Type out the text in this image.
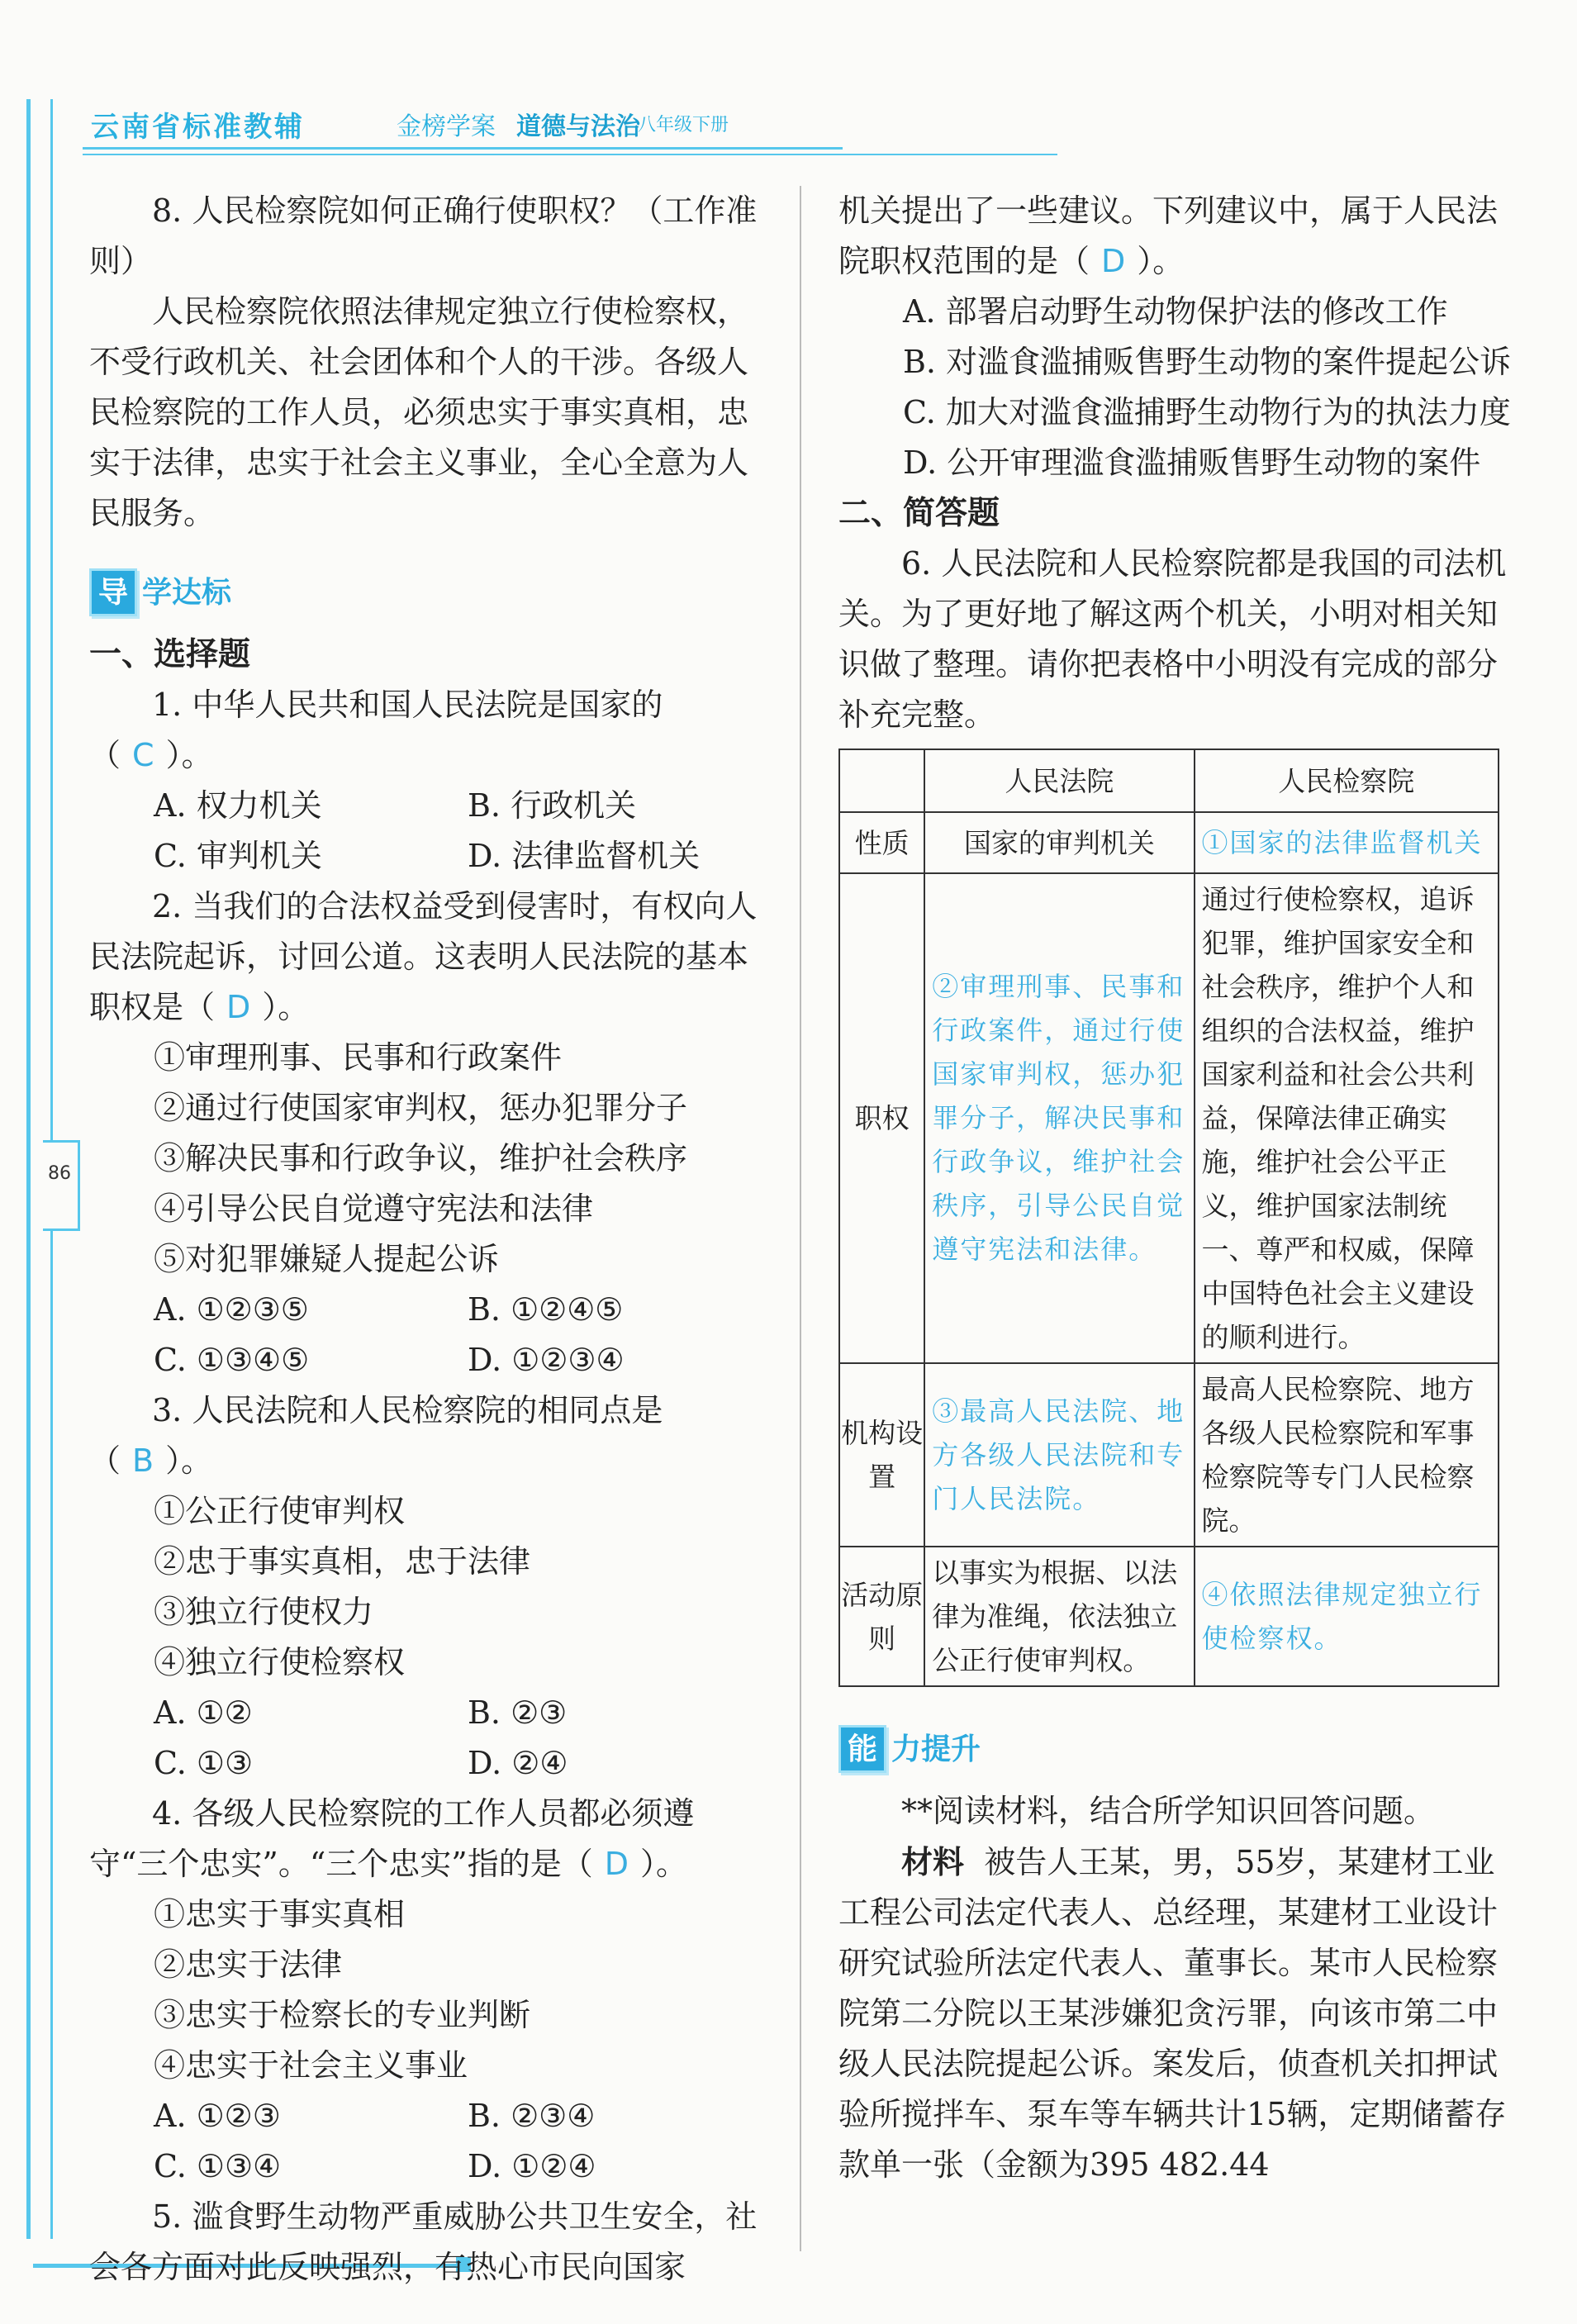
86
云南省标准教辅	金榜学案 道德与法治
八年级下册

8. 人民检察院如何正确行使职权？（工作准则）

人民检察院依照法律规定独立行使检察权，不受行政机关、社会团体和个人的干涉。各级人民检察院的工作人员，必须忠实于事实真相，忠实于法律，忠实于社会主义事业，全心全意为人民服务。

导 学达标

一、选择题

1. 中华人民共和国人民法院是国家的（ C ）。

A. 权力机关	B. 行政机关
C. 审判机关	D. 法律监督机关

2. 当我们的合法权益受到侵害时，有权向人民法院起诉，讨回公道。这表明人民法院的基本职权是（ D ）。

①审理刑事、民事和行政案件

②通过行使国家审判权，惩办犯罪分子

③解决民事和行政争议，维护社会秩序

④引导公民自觉遵守宪法和法律

⑤对犯罪嫌疑人提起公诉

A. ①②③⑤	B. ①②④⑤
C. ①③④⑤	D. ①②③④

3. 人民法院和人民检察院的相同点是（ B ）。

①公正行使审判权

②忠于事实真相，忠于法律

③独立行使权力

④独立行使检察权

A. ①②	B. ②③
C. ①③	D. ②④

4. 各级人民检察院的工作人员都必须遵守“三个忠实”。“三个忠实”指的是（ D ）。

①忠实于事实真相

②忠实于法律

③忠实于检察长的专业判断

④忠实于社会主义事业

A. ①②③	B. ②③④
C. ①③④	D. ①②④

5. 滥食野生动物严重威胁公共卫生安全，社会各方面对此反映强烈，有热心市民向国家

机关提出了一些建议。下列建议中，属于人民法院职权范围的是（ D ）。

A. 部署启动野生动物保护法的修改工作

B. 对滥食滥捕贩售野生动物的案件提起公诉

C. 加大对滥食滥捕野生动物行为的执法力度

D. 公开审理滥食滥捕贩售野生动物的案件

二、简答题

6. 人民法院和人民检察院都是我国的司法机关。为了更好地了解这两个机关，小明对相关知识做了整理。请你把表格中小明没有完成的部分补充完整。

	人民法院	人民检察院
性质	国家的审判机关	①国家的法律监督机关
职权	②审理刑事、民事和行政案件，通过行使国家审判权，惩办犯罪分子，解决民事和行政争议，维护社会秩序，引导公民自觉遵守宪法和法律。	通过行使检察权，追诉犯罪，维护国家安全和社会秩序，维护个人和组织的合法权益，维护国家利益和社会公共利益，保障法律正确实施，维护社会公平正义，维护国家法制统一、尊严和权威，保障中国特色社会主义建设的顺利进行。
机构设置	③最高人民法院、地方各级人民法院和专门人民法院。	最高人民检察院、地方各级人民检察院和军事检察院等专门人民检察院。
活动原则	以事实为根据、以法律为准绳，依法独立公正行使审判权。	④依照法律规定独立行使检察权。
能 力提升

**阅读材料，结合所学知识回答问题。

材料 被告人王某，男，55岁，某建材工业工程公司法定代表人、总经理，某建材工业设计研究试验所法定代表人、董事长。某市人民检察院第二分院以王某涉嫌犯贪污罪，向该市第二中级人民法院提起公诉。案发后，侦查机关扣押试验所搅拌车、泵车等车辆共计15辆，定期储蓄存款单一张（金额为395 482.44
